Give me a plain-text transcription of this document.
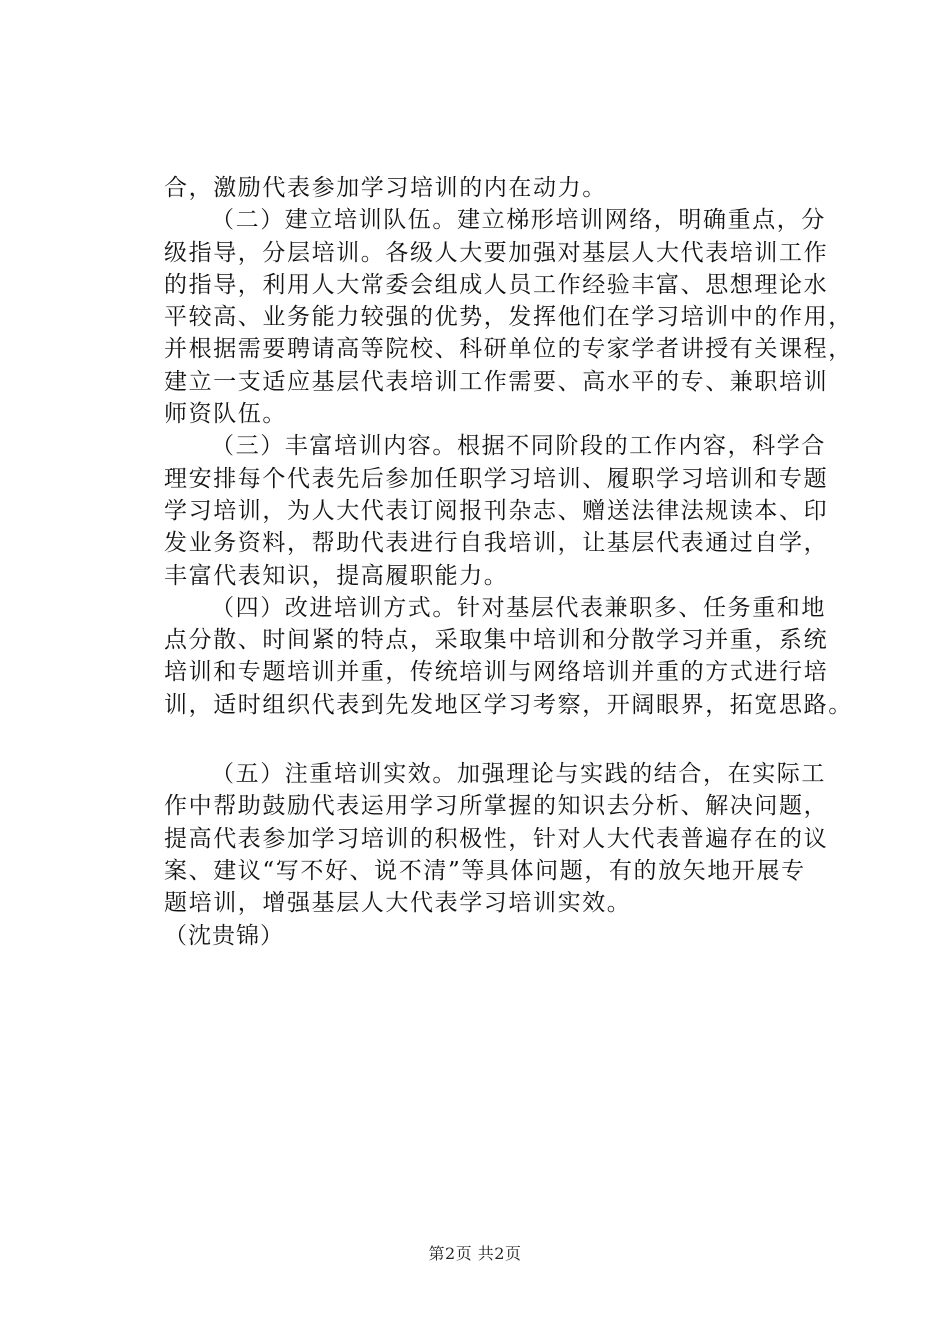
合，激励代表参加学习培训的内在动力。
（二）建立培训队伍。建立梯形培训网络，明确重点，分
级指导，分层培训。各级人大要加强对基层人大代表培训工作
的指导，利用人大常委会组成人员工作经验丰富、思想理论水
平较高、业务能力较强的优势，发挥他们在学习培训中的作用，
并根据需要聘请高等院校、科研单位的专家学者讲授有关课程，
建立一支适应基层代表培训工作需要、高水平的专、兼职培训
师资队伍。
（三）丰富培训内容。根据不同阶段的工作内容，科学合
理安排每个代表先后参加任职学习培训、履职学习培训和专题
学习培训，为人大代表订阅报刊杂志、赠送法律法规读本、印
发业务资料，帮助代表进行自我培训，让基层代表通过自学，
丰富代表知识，提高履职能力。
（四）改进培训方式。针对基层代表兼职多、任务重和地
点分散、时间紧的特点，采取集中培训和分散学习并重，系统
培训和专题培训并重，传统培训与网络培训并重的方式进行培
训，适时组织代表到先发地区学习考察，开阔眼界，拓宽思路。
（五）注重培训实效。加强理论与实践的结合，在实际工
作中帮助鼓励代表运用学习所掌握的知识去分析、解决问题，
提高代表参加学习培训的积极性，针对人大代表普遍存在的议
案、建议“写不好、说不清”等具体问题，有的放矢地开展专
题培训，增强基层人大代表学习培训实效。
（沈贵锦）
第2页 共2页
